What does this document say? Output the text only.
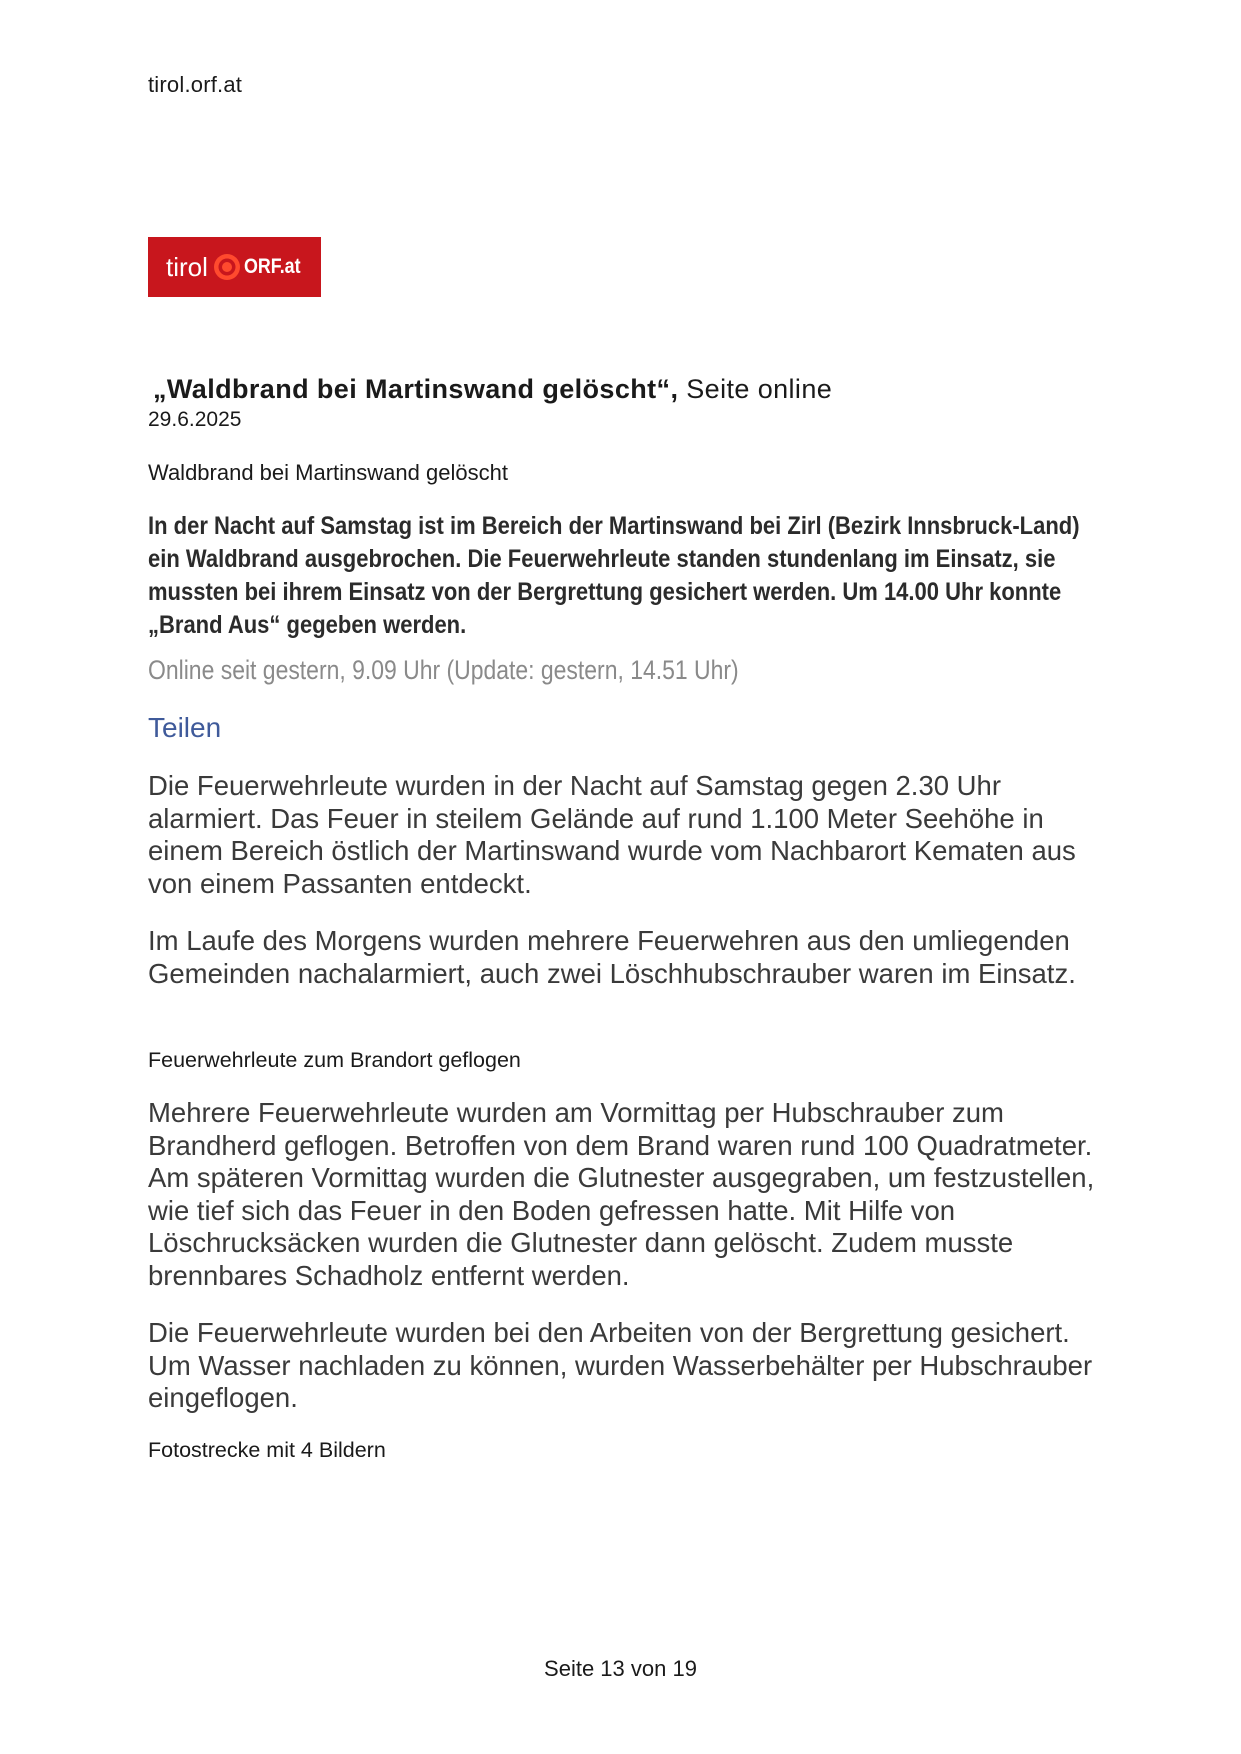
tirol.orf.at
tirol ORF.at
„Waldbrand bei Martinswand gelöscht“, Seite online
29.6.2025
Waldbrand bei Martinswand gelöscht
In der Nacht auf Samstag ist im Bereich der Martinswand bei Zirl (Bezirk Innsbruck-Land) ein Waldbrand ausgebrochen. Die Feuerwehrleute standen stundenlang im Einsatz, sie mussten bei ihrem Einsatz von der Bergrettung gesichert werden. Um 14.00 Uhr konnte „Brand Aus“ gegeben werden.
Online seit gestern, 9.09 Uhr (Update: gestern, 14.51 Uhr)
Teilen
Die Feuerwehrleute wurden in der Nacht auf Samstag gegen 2.30 Uhr alarmiert. Das Feuer in steilem Gelände auf rund 1.100 Meter Seehöhe in einem Bereich östlich der Martinswand wurde vom Nachbarort Kematen aus von einem Passanten entdeckt.
Im Laufe des Morgens wurden mehrere Feuerwehren aus den umliegenden Gemeinden nachalarmiert, auch zwei Löschhubschrauber waren im Einsatz.
Feuerwehrleute zum Brandort geflogen
Mehrere Feuerwehrleute wurden am Vormittag per Hubschrauber zum Brandherd geflogen. Betroffen von dem Brand waren rund 100 Quadratmeter. Am späteren Vormittag wurden die Glutnester ausgegraben, um festzustellen, wie tief sich das Feuer in den Boden gefressen hatte. Mit Hilfe von Löschrucksäcken wurden die Glutnester dann gelöscht. Zudem musste brennbares Schadholz entfernt werden.
Die Feuerwehrleute wurden bei den Arbeiten von der Bergrettung gesichert. Um Wasser nachladen zu können, wurden Wasserbehälter per Hubschrauber eingeflogen.
Fotostrecke mit 4 Bildern
Seite 13 von 19
